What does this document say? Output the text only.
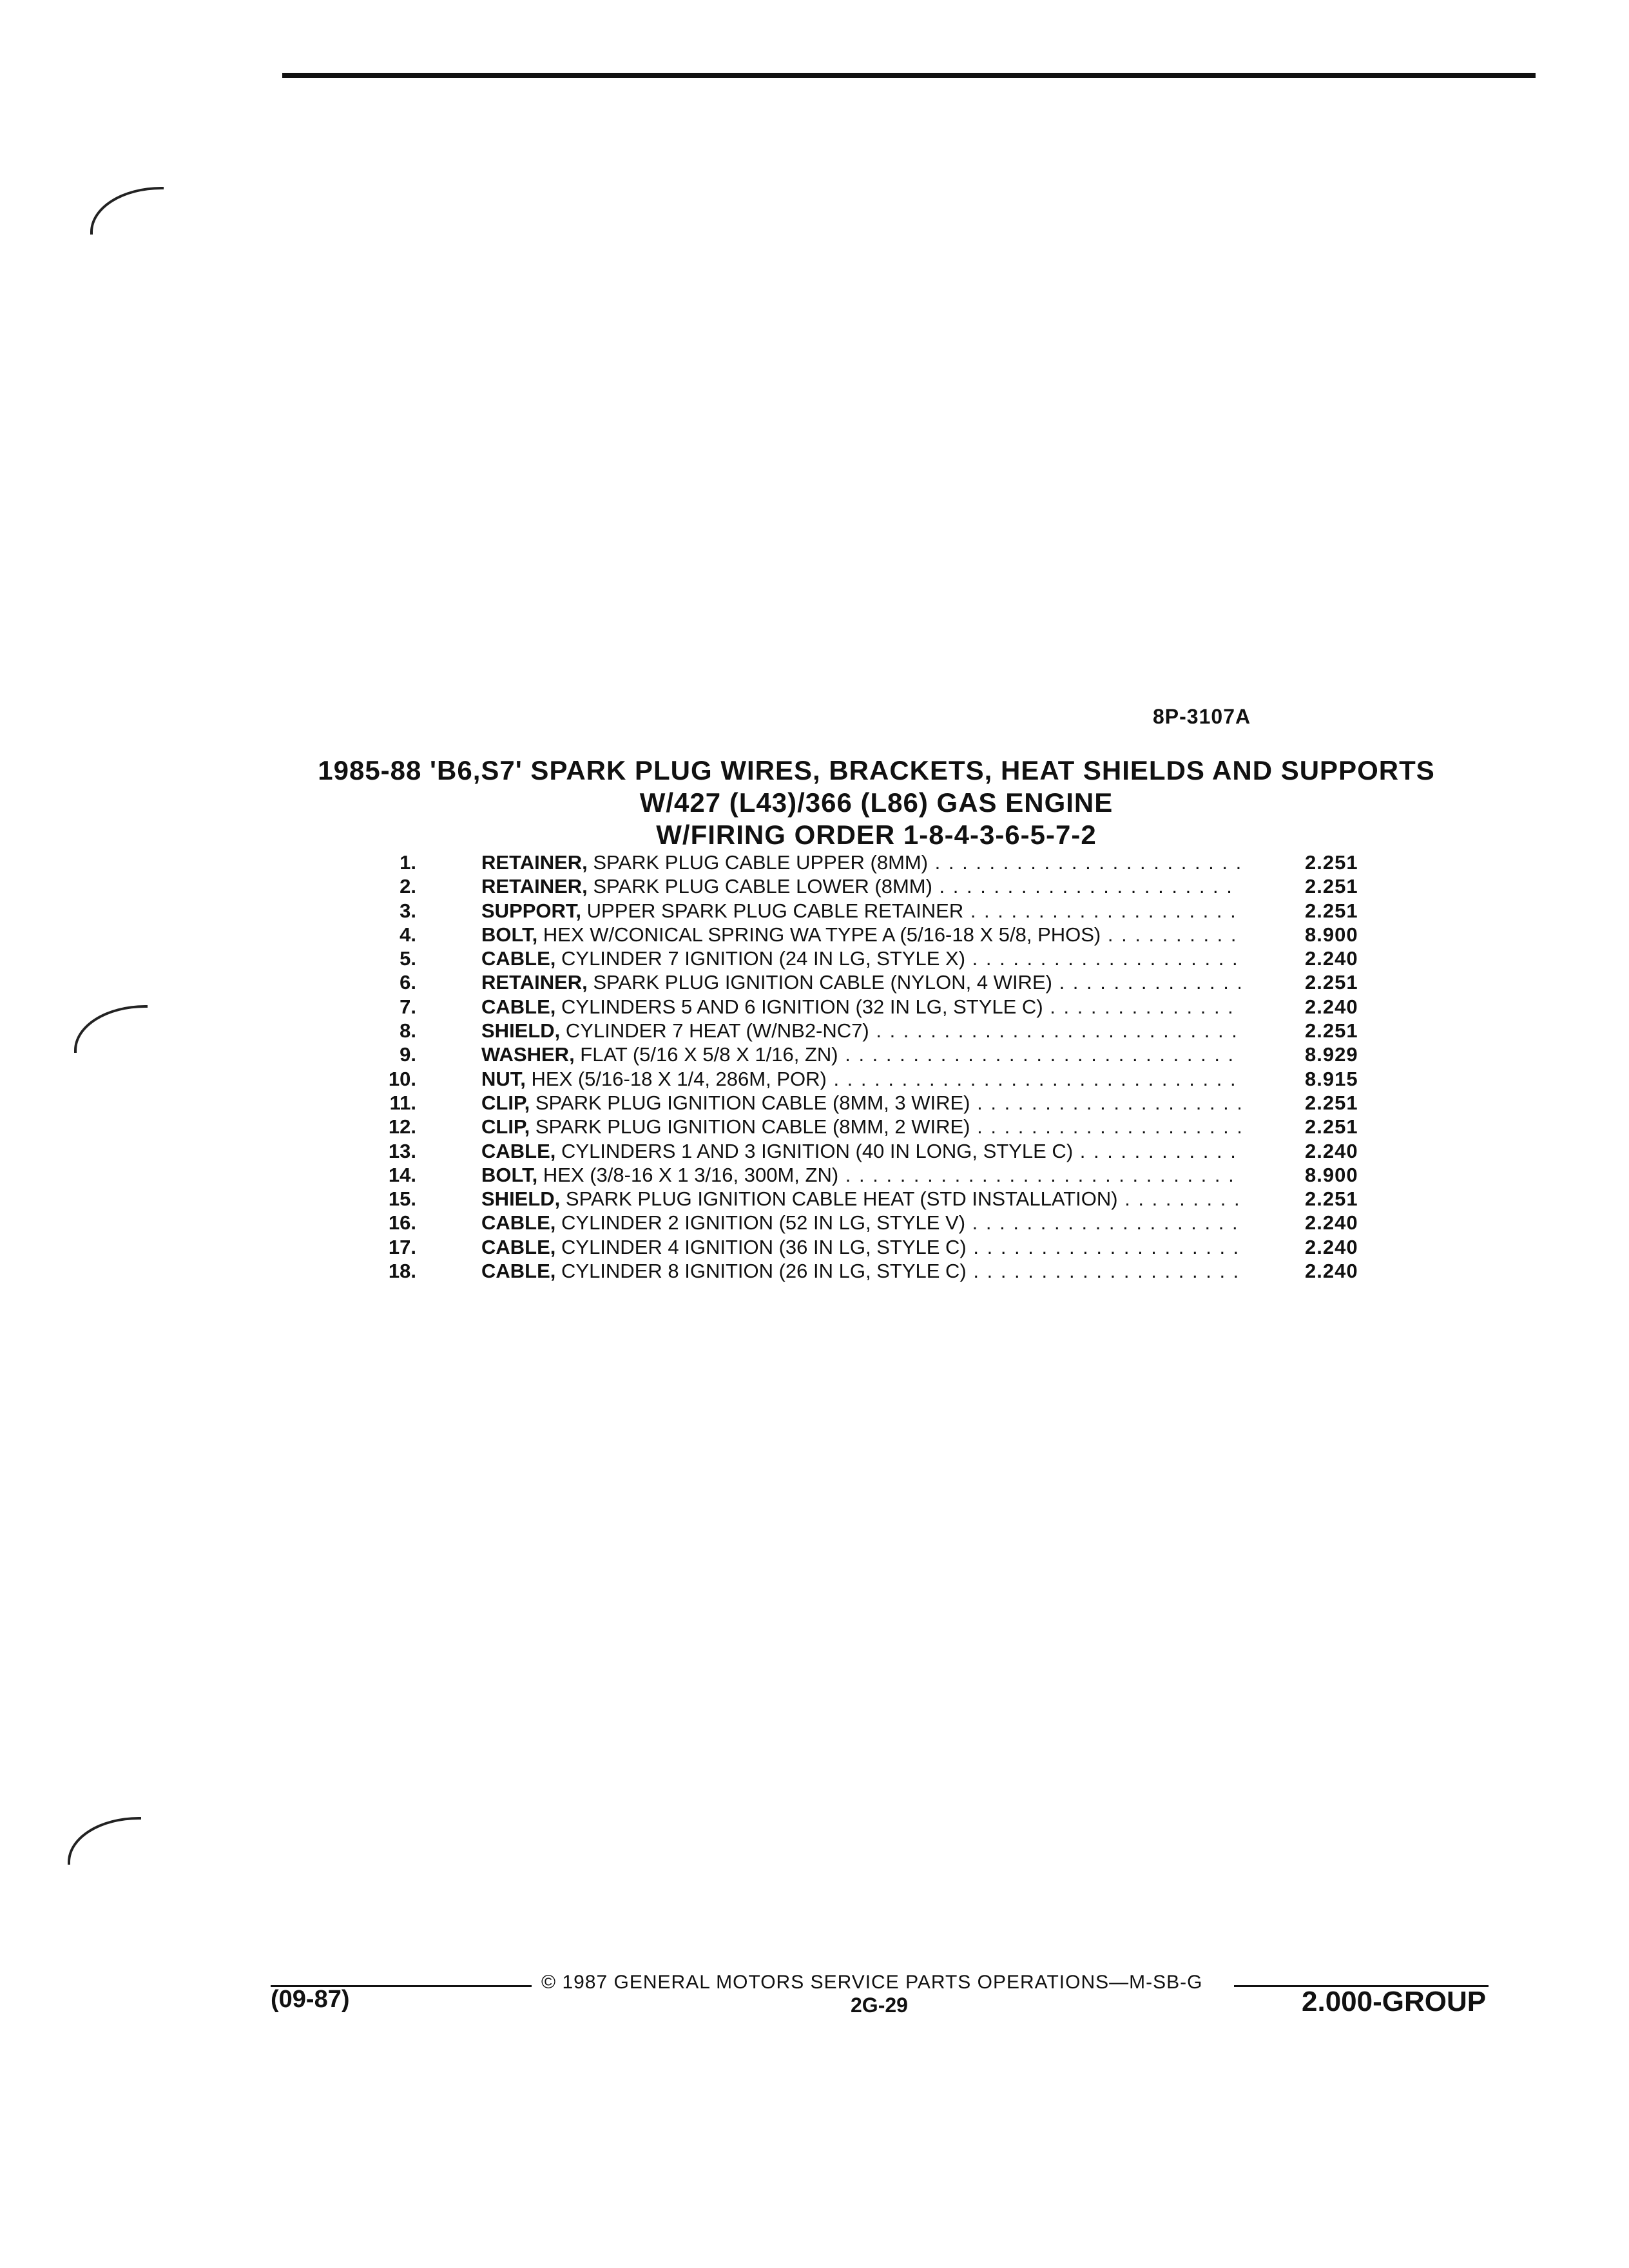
8P-3107A
1985-88 'B6,S7' SPARK PLUG WIRES, BRACKETS, HEAT SHIELDS AND SUPPORTS
W/427 (L43)/366 (L86) GAS ENGINE
W/FIRING ORDER 1-8-4-3-6-5-7-2
1.	RETAINER, SPARK PLUG CABLE UPPER (8MM) . . .	2.251
2.	RETAINER, SPARK PLUG CABLE LOWER (8MM) . . .	2.251
3.	SUPPORT, UPPER SPARK PLUG CABLE RETAINER . . .	2.251
4.	BOLT, HEX W/CONICAL SPRING WA TYPE A (5/16-18 X 5/8, PHOS) . . .	8.900
5.	CABLE, CYLINDER 7 IGNITION (24 IN LG, STYLE X) . . .	2.240
6.	RETAINER, SPARK PLUG IGNITION CABLE (NYLON, 4 WIRE) . . .	2.251
7.	CABLE, CYLINDERS 5 AND 6 IGNITION (32 IN LG, STYLE C) . . .	2.240
8.	SHIELD, CYLINDER 7 HEAT (W/NB2-NC7) . . .	2.251
9.	WASHER, FLAT (5/16 X 5/8 X 1/16, ZN) . . .	8.929
10.	NUT, HEX (5/16-18 X 1/4, 286M, POR) . . .	8.915
11.	CLIP, SPARK PLUG IGNITION CABLE (8MM, 3 WIRE) . . .	2.251
12.	CLIP, SPARK PLUG IGNITION CABLE (8MM, 2 WIRE) . . .	2.251
13.	CABLE, CYLINDERS 1 AND 3 IGNITION (40 IN LONG, STYLE C) . . .	2.240
14.	BOLT, HEX (3/8-16 X 1 3/16, 300M, ZN) . . .	8.900
15.	SHIELD, SPARK PLUG IGNITION CABLE HEAT (STD INSTALLATION) . . .	2.251
16.	CABLE, CYLINDER 2 IGNITION (52 IN LG, STYLE V) . . .	2.240
17.	CABLE, CYLINDER 4 IGNITION (36 IN LG, STYLE C) . . .	2.240
18.	CABLE, CYLINDER 8 IGNITION (26 IN LG, STYLE C) . . .	2.240
© 1987 GENERAL MOTORS SERVICE PARTS OPERATIONS—M-SB-G
(09-87)	2G-29	2.000-GROUP
